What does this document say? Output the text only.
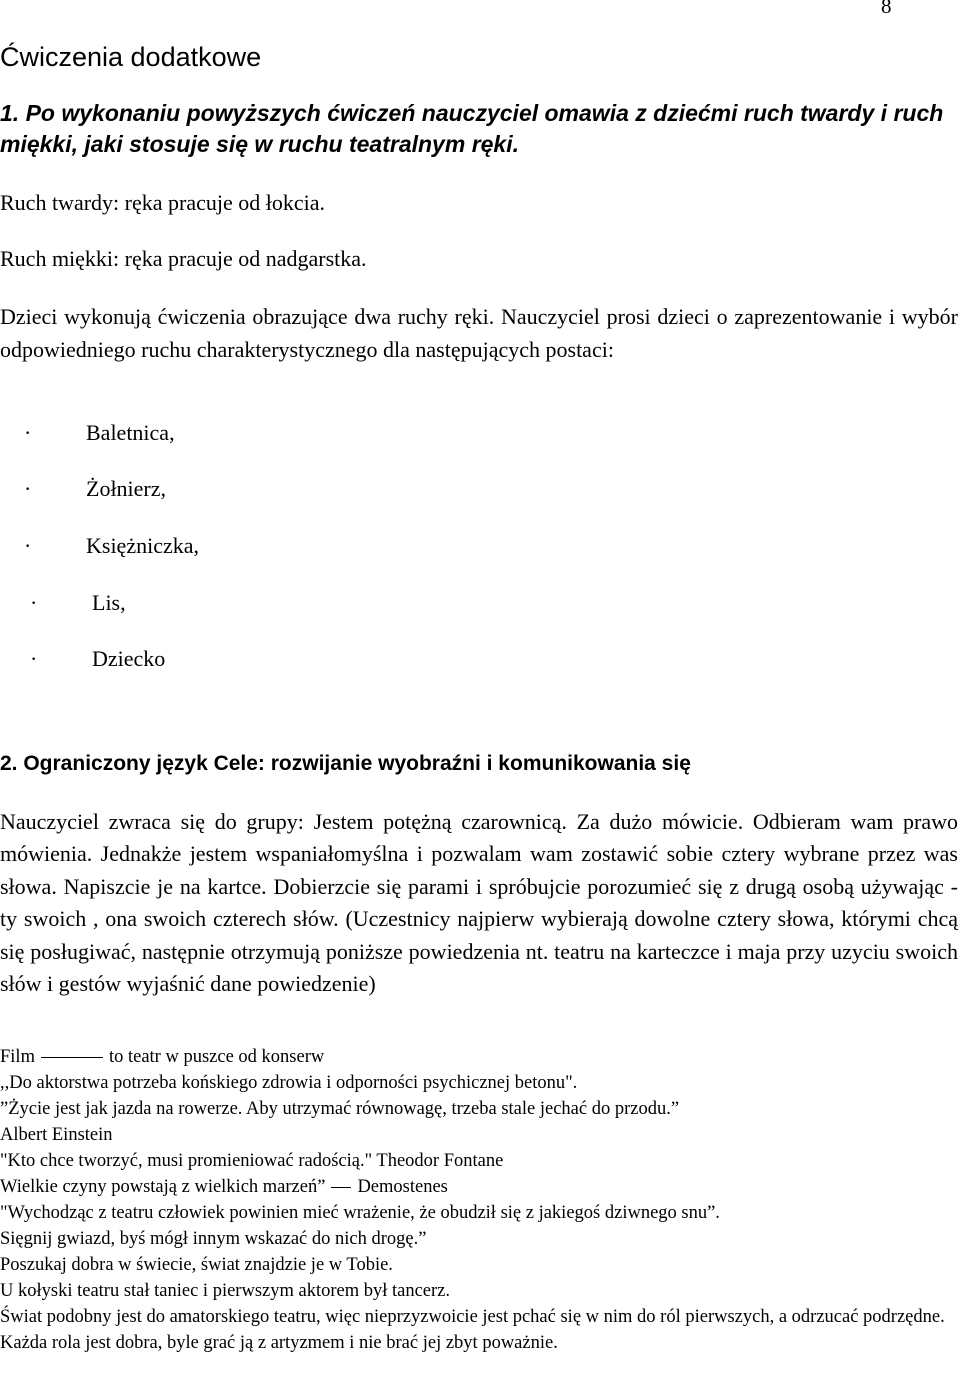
8
Ćwiczenia dodatkowe
1. Po wykonaniu powyższych ćwiczeń nauczyciel omawia z dziećmi ruch twardy i ruch miękki, jaki stosuje się w ruchu teatralnym ręki.
Ruch twardy: ręka pracuje od łokcia.
Ruch miękki: ręka pracuje od nadgarstka.
Dzieci wykonują ćwiczenia obrazujące dwa ruchy ręki. Nauczyciel prosi dzieci o zaprezentowanie i wybór odpowiedniego ruchu charakterystycznego dla następujących postaci:
· Baletnica,
· Żołnierz,
· Księżniczka,
· Lis,
· Dziecko
2. Ograniczony język Cele: rozwijanie wyobraźni i komunikowania się
Nauczyciel zwraca się do grupy: Jestem potężną czarownicą. Za dużo mówicie. Odbieram wam prawo mówienia. Jednakże jestem wspaniałomyślna i pozwalam wam zostawić sobie cztery wybrane przez was słowa. Napiszcie je na kartce. Dobierzcie się parami i spróbujcie porozumieć się z drugą osobą używając - ty swoich , ona swoich czterech słów. (Uczestnicy najpierw wybierają dowolne cztery słowa, którymi chcą się posługiwać, następnie otrzymują poniższe powiedzenia nt. teatru na karteczce i maja przy uzyciu swoich słów i gestów wyjaśnić dane powiedzenie)
Film	to teatr w puszce od konserw
,,Do aktorstwa potrzeba końskiego zdrowia i odporności psychicznej betonu".
”Życie jest jak jazda na rowerze. Aby utrzymać równowagę, trzeba stale jechać do przodu.”
Albert Einstein
"Kto chce tworzyć, musi promieniować radością." Theodor Fontane
Wielkie czyny powstają z wielkich marzeń” Demostenes
"Wychodząc z teatru człowiek powinien mieć wrażenie, że obudził się z jakiegoś dziwnego snu”.
Sięgnij gwiazd, byś mógł innym wskazać do nich drogę.”
Poszukaj dobra w świecie, świat znajdzie je w Tobie.
U kołyski teatru stał taniec i pierwszym aktorem był tancerz.
Świat podobny jest do amatorskiego teatru, więc nieprzyzwoicie jest pchać się w nim do ról pierwszych, a odrzucać podrzędne.
Każda rola jest dobra, byle grać ją z artyzmem i nie brać jej zbyt poważnie.
